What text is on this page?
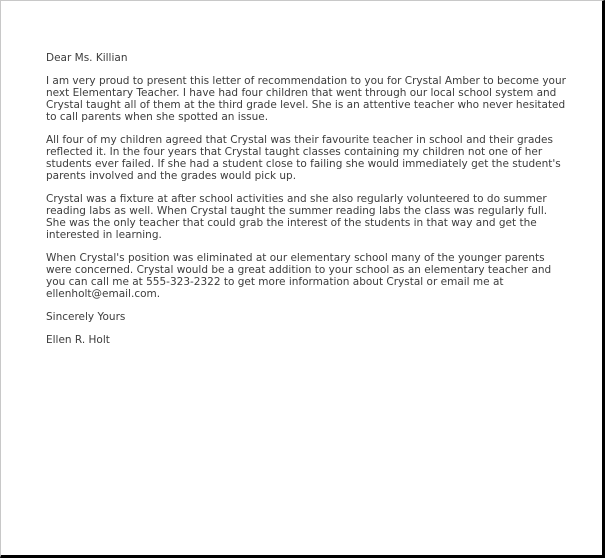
Dear Ms. Killian

I am very proud to present this letter of recommendation to you for Crystal Amber to become your next Elementary Teacher. I have had four children that went through our local school system and Crystal taught all of them at the third grade level. She is an attentive teacher who never hesitated to call parents when she spotted an issue.

All four of my children agreed that Crystal was their favourite teacher in school and their grades reflected it. In the four years that Crystal taught classes containing my children not one of her students ever failed. If she had a student close to failing she would immediately get the student's parents involved and the grades would pick up.

Crystal was a fixture at after school activities and she also regularly volunteered to do summer reading labs as well. When Crystal taught the summer reading labs the class was regularly full. She was the only teacher that could grab the interest of the students in that way and get the interested in learning.

When Crystal's position was eliminated at our elementary school many of the younger parents were concerned. Crystal would be a great addition to your school as an elementary teacher and you can call me at 555-323-2322 to get more information about Crystal or email me at ellenholt@email.com.

Sincerely Yours

Ellen R. Holt
